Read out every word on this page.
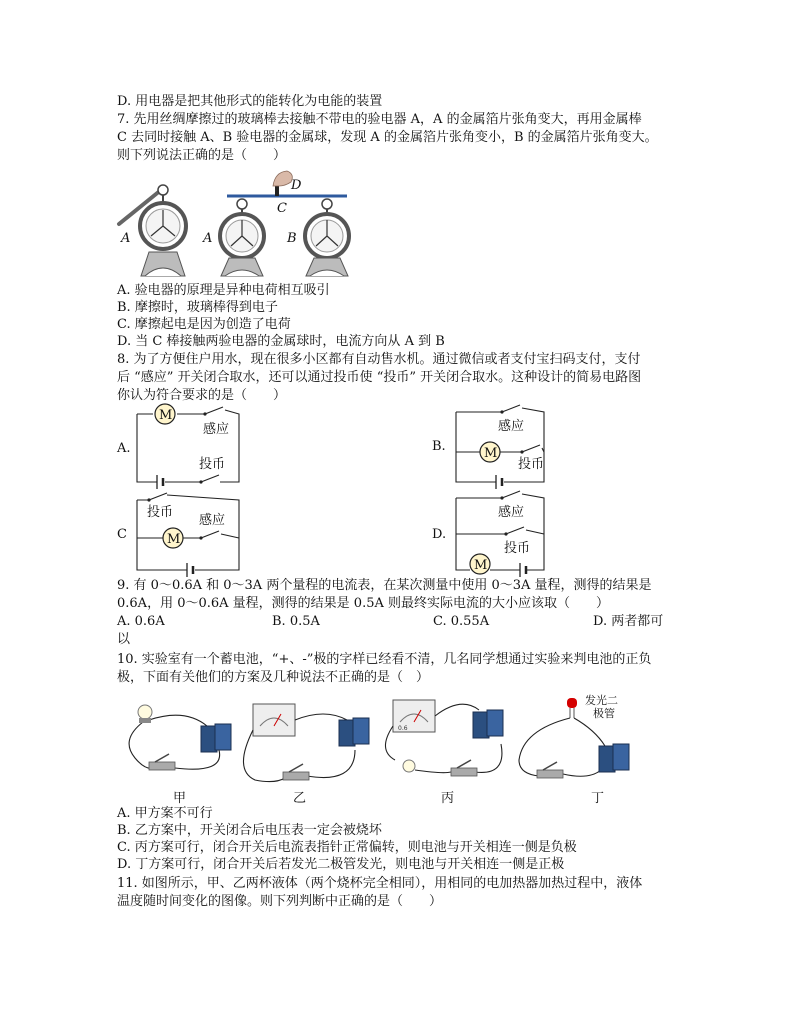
D. 用电器是把其他形式的能转化为电能的装置
7. 先用丝绸摩擦过的玻璃棒去接触不带电的验电器 A，A 的金属箔片张角变大，再用金属棒
C 去同时接触 A、B 验电器的金属球，发现 A 的金属箔片张角变小，B 的金属箔片张角变大。
则下列说法正确的是（　　）
A	A	B
C
D
A. 验电器的原理是异种电荷相互吸引
B. 摩擦时，玻璃棒得到电子
C. 摩擦起电是因为创造了电荷
D. 当 C 棒接触两验电器的金属球时，电流方向从 A 到 B
8. 为了方便住户用水，现在很多小区都有自动售水机。通过微信或者支付宝扫码支付，支付
后 “感应” 开关闭合取水，还可以通过投币使 “投币” 开关闭合取水。这种设计的简易电路图
你认为符合要求的是（　　）
A.
M
感应
投币
B.
感应
M
投币
C
投币
M
感应
D.
感应
投币
M
9. 有 0～0.6A 和 0～3A 两个量程的电流表，在某次测量中使用 0～3A 量程，测得的结果是
0.6A，用 0～0.6A 量程，测得的结果是 0.5A 则最终实际电流的大小应该取（　　）
A. 0.6A	B. 0.5A	C. 0.55A	D. 两者都可
以
10. 实验室有一个蓄电池，“+、-”极的字样已经看不清，几名同学想通过实验来判电池的正负
极，下面有关他们的方案及几种说法不正确的是（　）
0.6
发光二
极管
甲	乙	丙	丁
A. 甲方案不可行
B. 乙方案中，开关闭合后电压表一定会被烧坏
C. 丙方案可行，闭合开关后电流表指针正常偏转，则电池与开关相连一侧是负极
D. 丁方案可行，闭合开关后若发光二极管发光，则电池与开关相连一侧是正极
11. 如图所示，甲、乙两杯液体（两个烧杯完全相同），用相同的电加热器加热过程中，液体
温度随时间变化的图像。则下列判断中正确的是（　　）
